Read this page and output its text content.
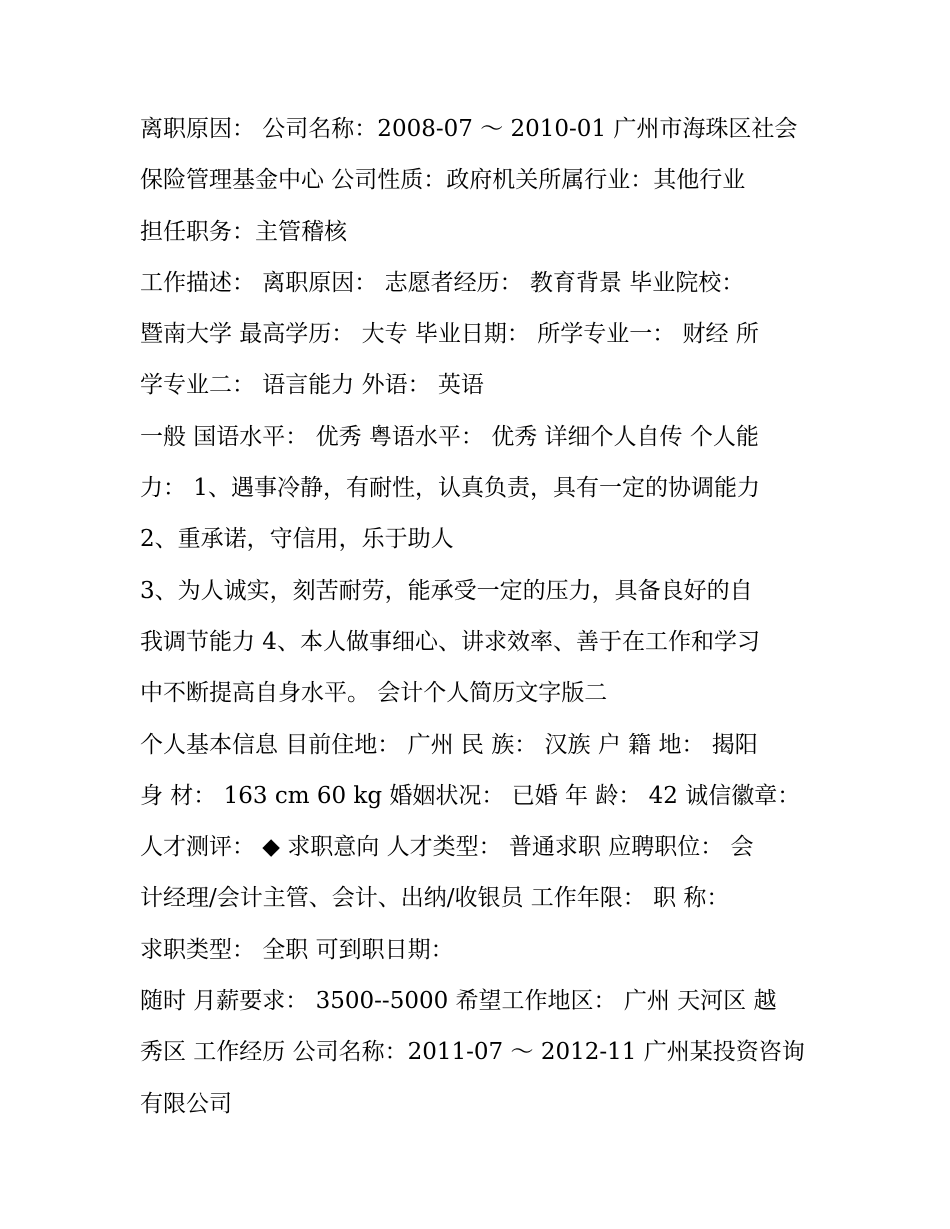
离职原因： 公司名称：2008-07 ～ 2010-01 广州市海珠区社会
保险管理基金中心 公司性质：政府机关所属行业：其他行业
担任职务：主管稽核
工作描述： 离职原因： 志愿者经历： 教育背景 毕业院校：
暨南大学 最高学历： 大专 毕业日期： 所学专业一： 财经 所
学专业二： 语言能力 外语： 英语
一般 国语水平： 优秀 粤语水平： 优秀 详细个人自传 个人能
力： 1、遇事冷静，有耐性，认真负责，具有一定的协调能力
2、重承诺，守信用，乐于助人
3、为人诚实，刻苦耐劳，能承受一定的压力，具备良好的自
我调节能力 4、本人做事细心、讲求效率、善于在工作和学习
中不断提高自身水平。 会计个人简历文字版二
个人基本信息 目前住地： 广州 民 族： 汉族 户 籍 地： 揭阳
身 材： 163 cm 60 kg 婚姻状况： 已婚 年 龄： 42 诚信徽章：
人才测评： ◆ 求职意向 人才类型： 普通求职 应聘职位： 会
计经理/会计主管、会计、出纳/收银员 工作年限： 职 称：
求职类型： 全职 可到职日期：
随时 月薪要求： 3500--5000 希望工作地区： 广州 天河区 越
秀区 工作经历 公司名称：2011-07 ～ 2012-11 广州某投资咨询
有限公司
